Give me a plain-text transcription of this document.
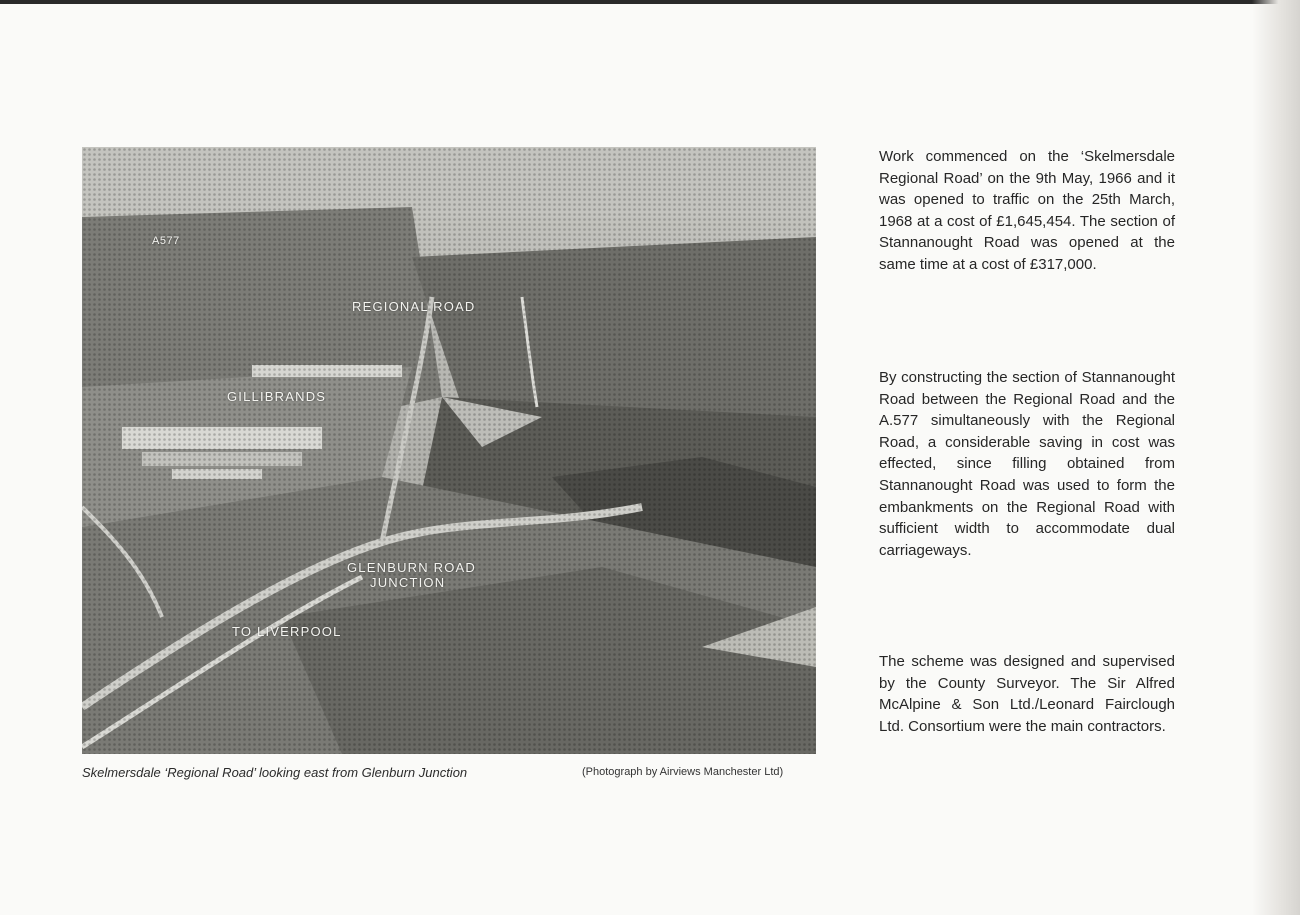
A577
REGIONAL ROAD
GILLIBRANDS
GLENBURN ROAD
JUNCTION
TO LIVERPOOL
Skelmersdale ‘Regional Road’ looking east from Glenburn Junction	(Photograph by Airviews Manchester Ltd)

Work commenced on the ‘Skelmersdale Regional Road’ on the 9th May, 1966 and it was opened to traffic on the 25th March, 1968 at a cost of £1,645,454. The section of Stannanought Road was opened at the same time at a cost of £317,000.

By constructing the section of Stannanought Road between the Regional Road and the A.577 simultaneously with the Regional Road, a considerable saving in cost was effected, since filling obtained from Stannanought Road was used to form the embankments on the Regional Road with sufficient width to accommodate dual carriageways.

The scheme was designed and supervised by the County Surveyor. The Sir Alfred McAlpine & Son Ltd./Leonard Fairclough Ltd. Consortium were the main contractors.
